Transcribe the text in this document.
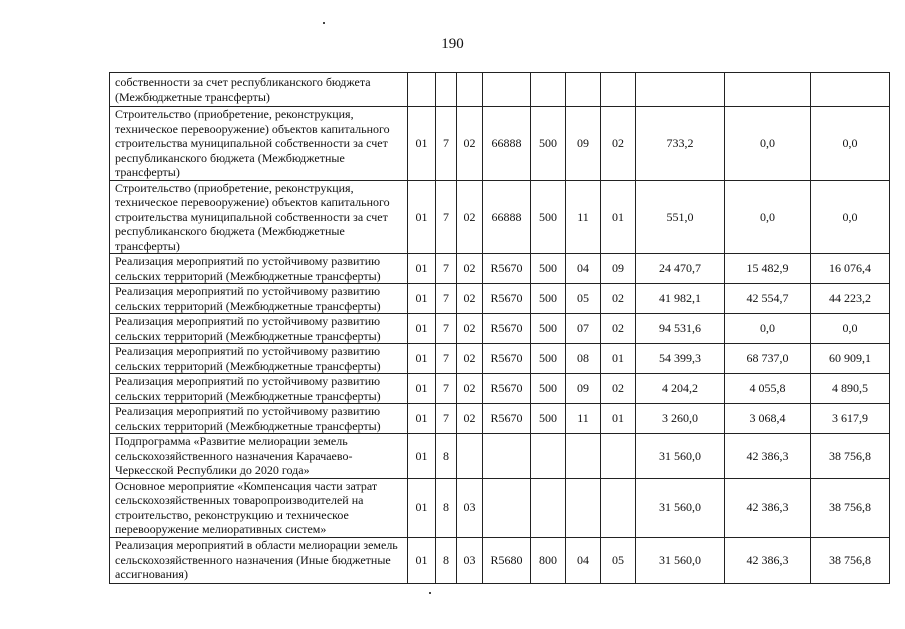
190
собственности за счет республиканского бюджета (Межбюджетные трансферты)										
Строительство (приобретение, реконструкция, техническое перевооружение) объектов капитального строительства муниципальной собственности за счет республиканского бюджета (Межбюджетные трансферты)	01	7	02	66888	500	09	02	733,2	0,0	0,0
Строительство (приобретение, реконструкция, техническое перевооружение) объектов капитального строительства муниципальной собственности за счет республиканского бюджета (Межбюджетные трансферты)	01	7	02	66888	500	11	01	551,0	0,0	0,0
Реализация мероприятий по устойчивому развитию сельских территорий (Межбюджетные трансферты)	01	7	02	R5670	500	04	09	24 470,7	15 482,9	16 076,4
Реализация мероприятий по устойчивому развитию сельских территорий (Межбюджетные трансферты)	01	7	02	R5670	500	05	02	41 982,1	42 554,7	44 223,2
Реализация мероприятий по устойчивому развитию сельских территорий (Межбюджетные трансферты)	01	7	02	R5670	500	07	02	94 531,6	0,0	0,0
Реализация мероприятий по устойчивому развитию сельских территорий (Межбюджетные трансферты)	01	7	02	R5670	500	08	01	54 399,3	68 737,0	60 909,1
Реализация мероприятий по устойчивому развитию сельских территорий (Межбюджетные трансферты)	01	7	02	R5670	500	09	02	4 204,2	4 055,8	4 890,5
Реализация мероприятий по устойчивому развитию сельских территорий (Межбюджетные трансферты)	01	7	02	R5670	500	11	01	3 260,0	3 068,4	3 617,9
Подпрограмма «Развитие мелиорации земель сельскохозяйственного назначения Карачаево-Черкесской Республики до 2020 года»	01	8						31 560,0	42 386,3	38 756,8
Основное мероприятие «Компенсация части затрат сельскохозяйственных товаропроизводителей на строительство, реконструкцию и техническое перевооружение мелиоративных систем»	01	8	03					31 560,0	42 386,3	38 756,8
Реализация мероприятий в области мелиорации земель сельскохозяйственного назначения (Иные бюджетные ассигнования)	01	8	03	R5680	800	04	05	31 560,0	42 386,3	38 756,8
